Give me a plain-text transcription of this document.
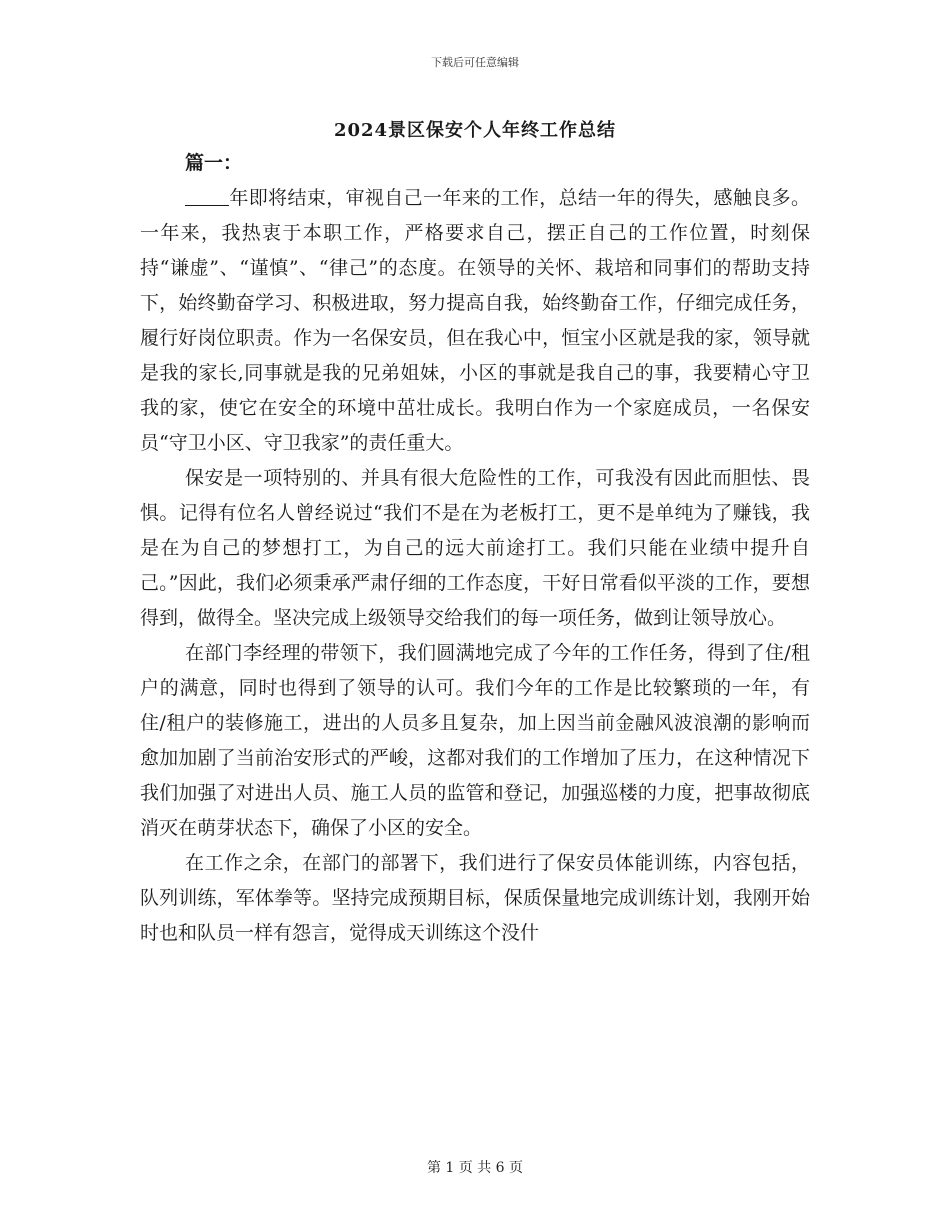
下载后可任意编辑
2024景区保安个人年终工作总结

篇一：

年即将结束，审视自己一年来的工作，总结一年的得失，感触良多。一年来，我热衷于本职工作，严格要求自己，摆正自己的工作位置，时刻保持“谦虚”、“谨慎”、“律己”的态度。在领导的关怀、栽培和同事们的帮助支持下，始终勤奋学习、积极进取，努力提高自我，始终勤奋工作，仔细完成任务，履行好岗位职责。作为一名保安员，但在我心中，恒宝小区就是我的家，领导就是我的家长,同事就是我的兄弟姐妹，小区的事就是我自己的事，我要精心守卫我的家，使它在安全的环境中茁壮成长。我明白作为一个家庭成员，一名保安员“守卫小区、守卫我家”的责任重大。

保安是一项特别的、并具有很大危险性的工作，可我没有因此而胆怯、畏惧。记得有位名人曾经说过“我们不是在为老板打工，更不是单纯为了赚钱，我是在为自己的梦想打工，为自己的远大前途打工。我们只能在业绩中提升自己。”因此，我们必须秉承严肃仔细的工作态度，干好日常看似平淡的工作，要想得到，做得全。坚决完成上级领导交给我们的每一项任务，做到让领导放心。

在部门李经理的带领下，我们圆满地完成了今年的工作任务，得到了住/租户的满意，同时也得到了领导的认可。我们今年的工作是比较繁琐的一年，有住/租户的装修施工，进出的人员多且复杂，加上因当前金融风波浪潮的影响而愈加加剧了当前治安形式的严峻，这都对我们的工作增加了压力，在这种情况下我们加强了对进出人员、施工人员的监管和登记，加强巡楼的力度，把事故彻底消灭在萌芽状态下，确保了小区的安全。

在工作之余，在部门的部署下，我们进行了保安员体能训练，内容包括，队列训练，军体拳等。坚持完成预期目标，保质保量地完成训练计划，我刚开始时也和队员一样有怨言，觉得成天训练这个没什

第 1 页 共 6 页
